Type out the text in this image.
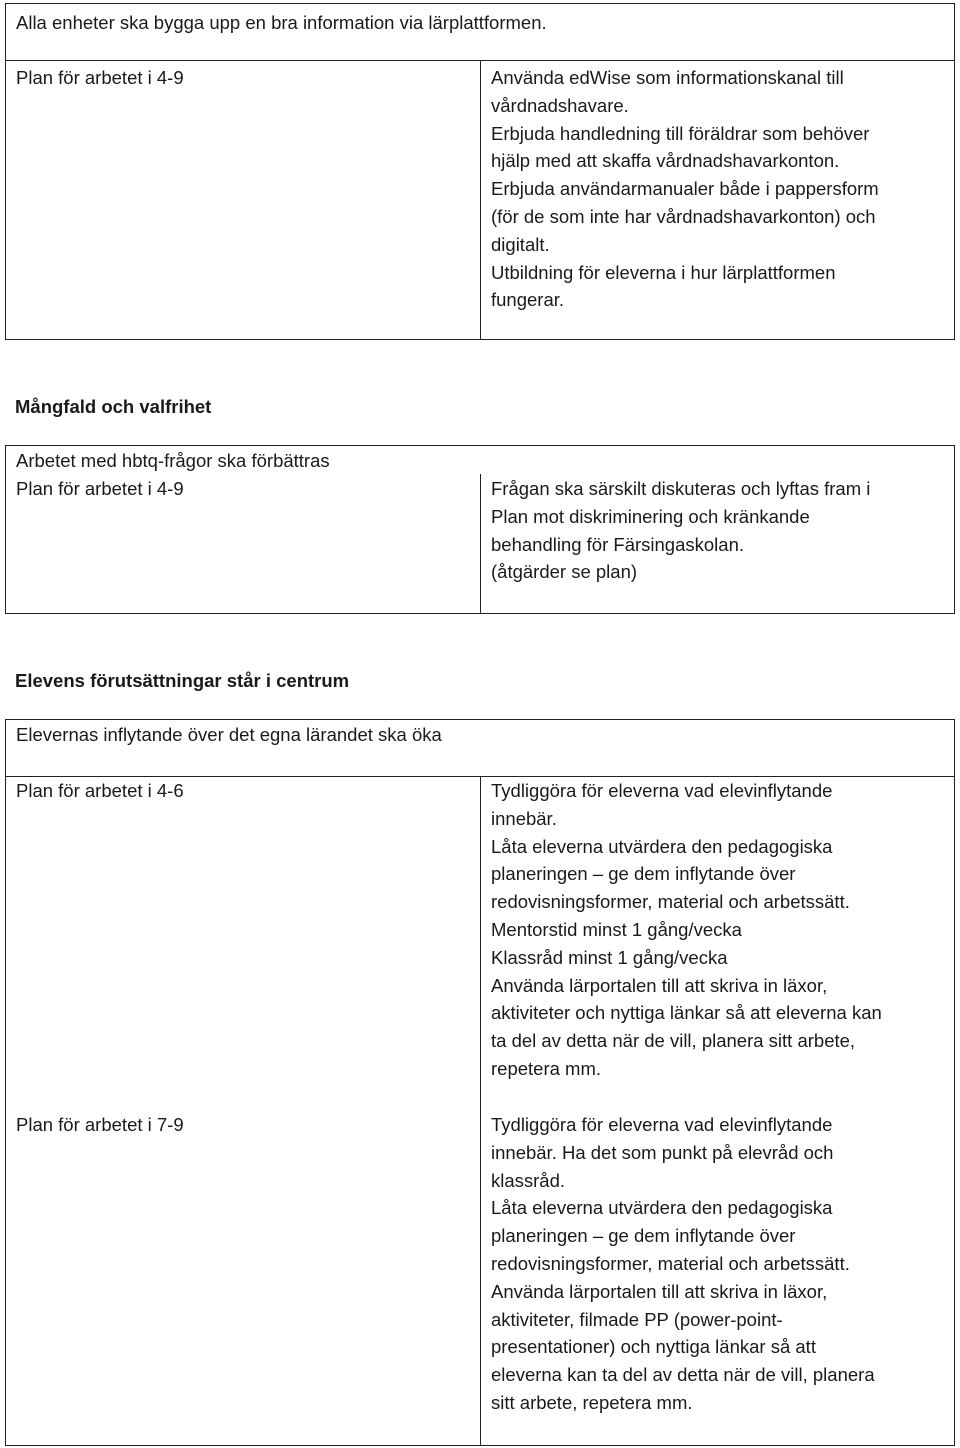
Alla enheter ska bygga upp en bra information via lärplattformen.
Plan för arbetet i 4-9	Använda edWise som informationskanal till
vårdnadshavare.
Erbjuda handledning till föräldrar som behöver
hjälp med att skaffa vårdnadshavarkonton.
Erbjuda användarmanualer både i pappersform
(för de som inte har vårdnadshavarkonton) och
digitalt.
Utbildning för eleverna i hur lärplattformen
fungerar.
Mångfald och valfrihet
Arbetet med hbtq-frågor ska förbättras
Plan för arbetet i 4-9	Frågan ska särskilt diskuteras och lyftas fram i
Plan mot diskriminering och kränkande
behandling för Färsingaskolan.
(åtgärder se plan)
Elevens förutsättningar står i centrum
Elevernas inflytande över det egna lärandet ska öka
Plan för arbetet i 4-6	Tydliggöra för eleverna vad elevinflytande
innebär.
Låta eleverna utvärdera den pedagogiska
planeringen – ge dem inflytande över
redovisningsformer, material och arbetssätt.
Mentorstid minst 1 gång/vecka
Klassråd minst 1 gång/vecka
Använda lärportalen till att skriva in läxor,
aktiviteter och nyttiga länkar så att eleverna kan
ta del av detta när de vill, planera sitt arbete,
repetera mm.
Plan för arbetet i 7-9	Tydliggöra för eleverna vad elevinflytande
innebär. Ha det som punkt på elevråd och
klassråd.
Låta eleverna utvärdera den pedagogiska
planeringen – ge dem inflytande över
redovisningsformer, material och arbetssätt.
Använda lärportalen till att skriva in läxor,
aktiviteter, filmade PP (power-point-
presentationer) och nyttiga länkar så att
eleverna kan ta del av detta när de vill, planera
sitt arbete, repetera mm.
